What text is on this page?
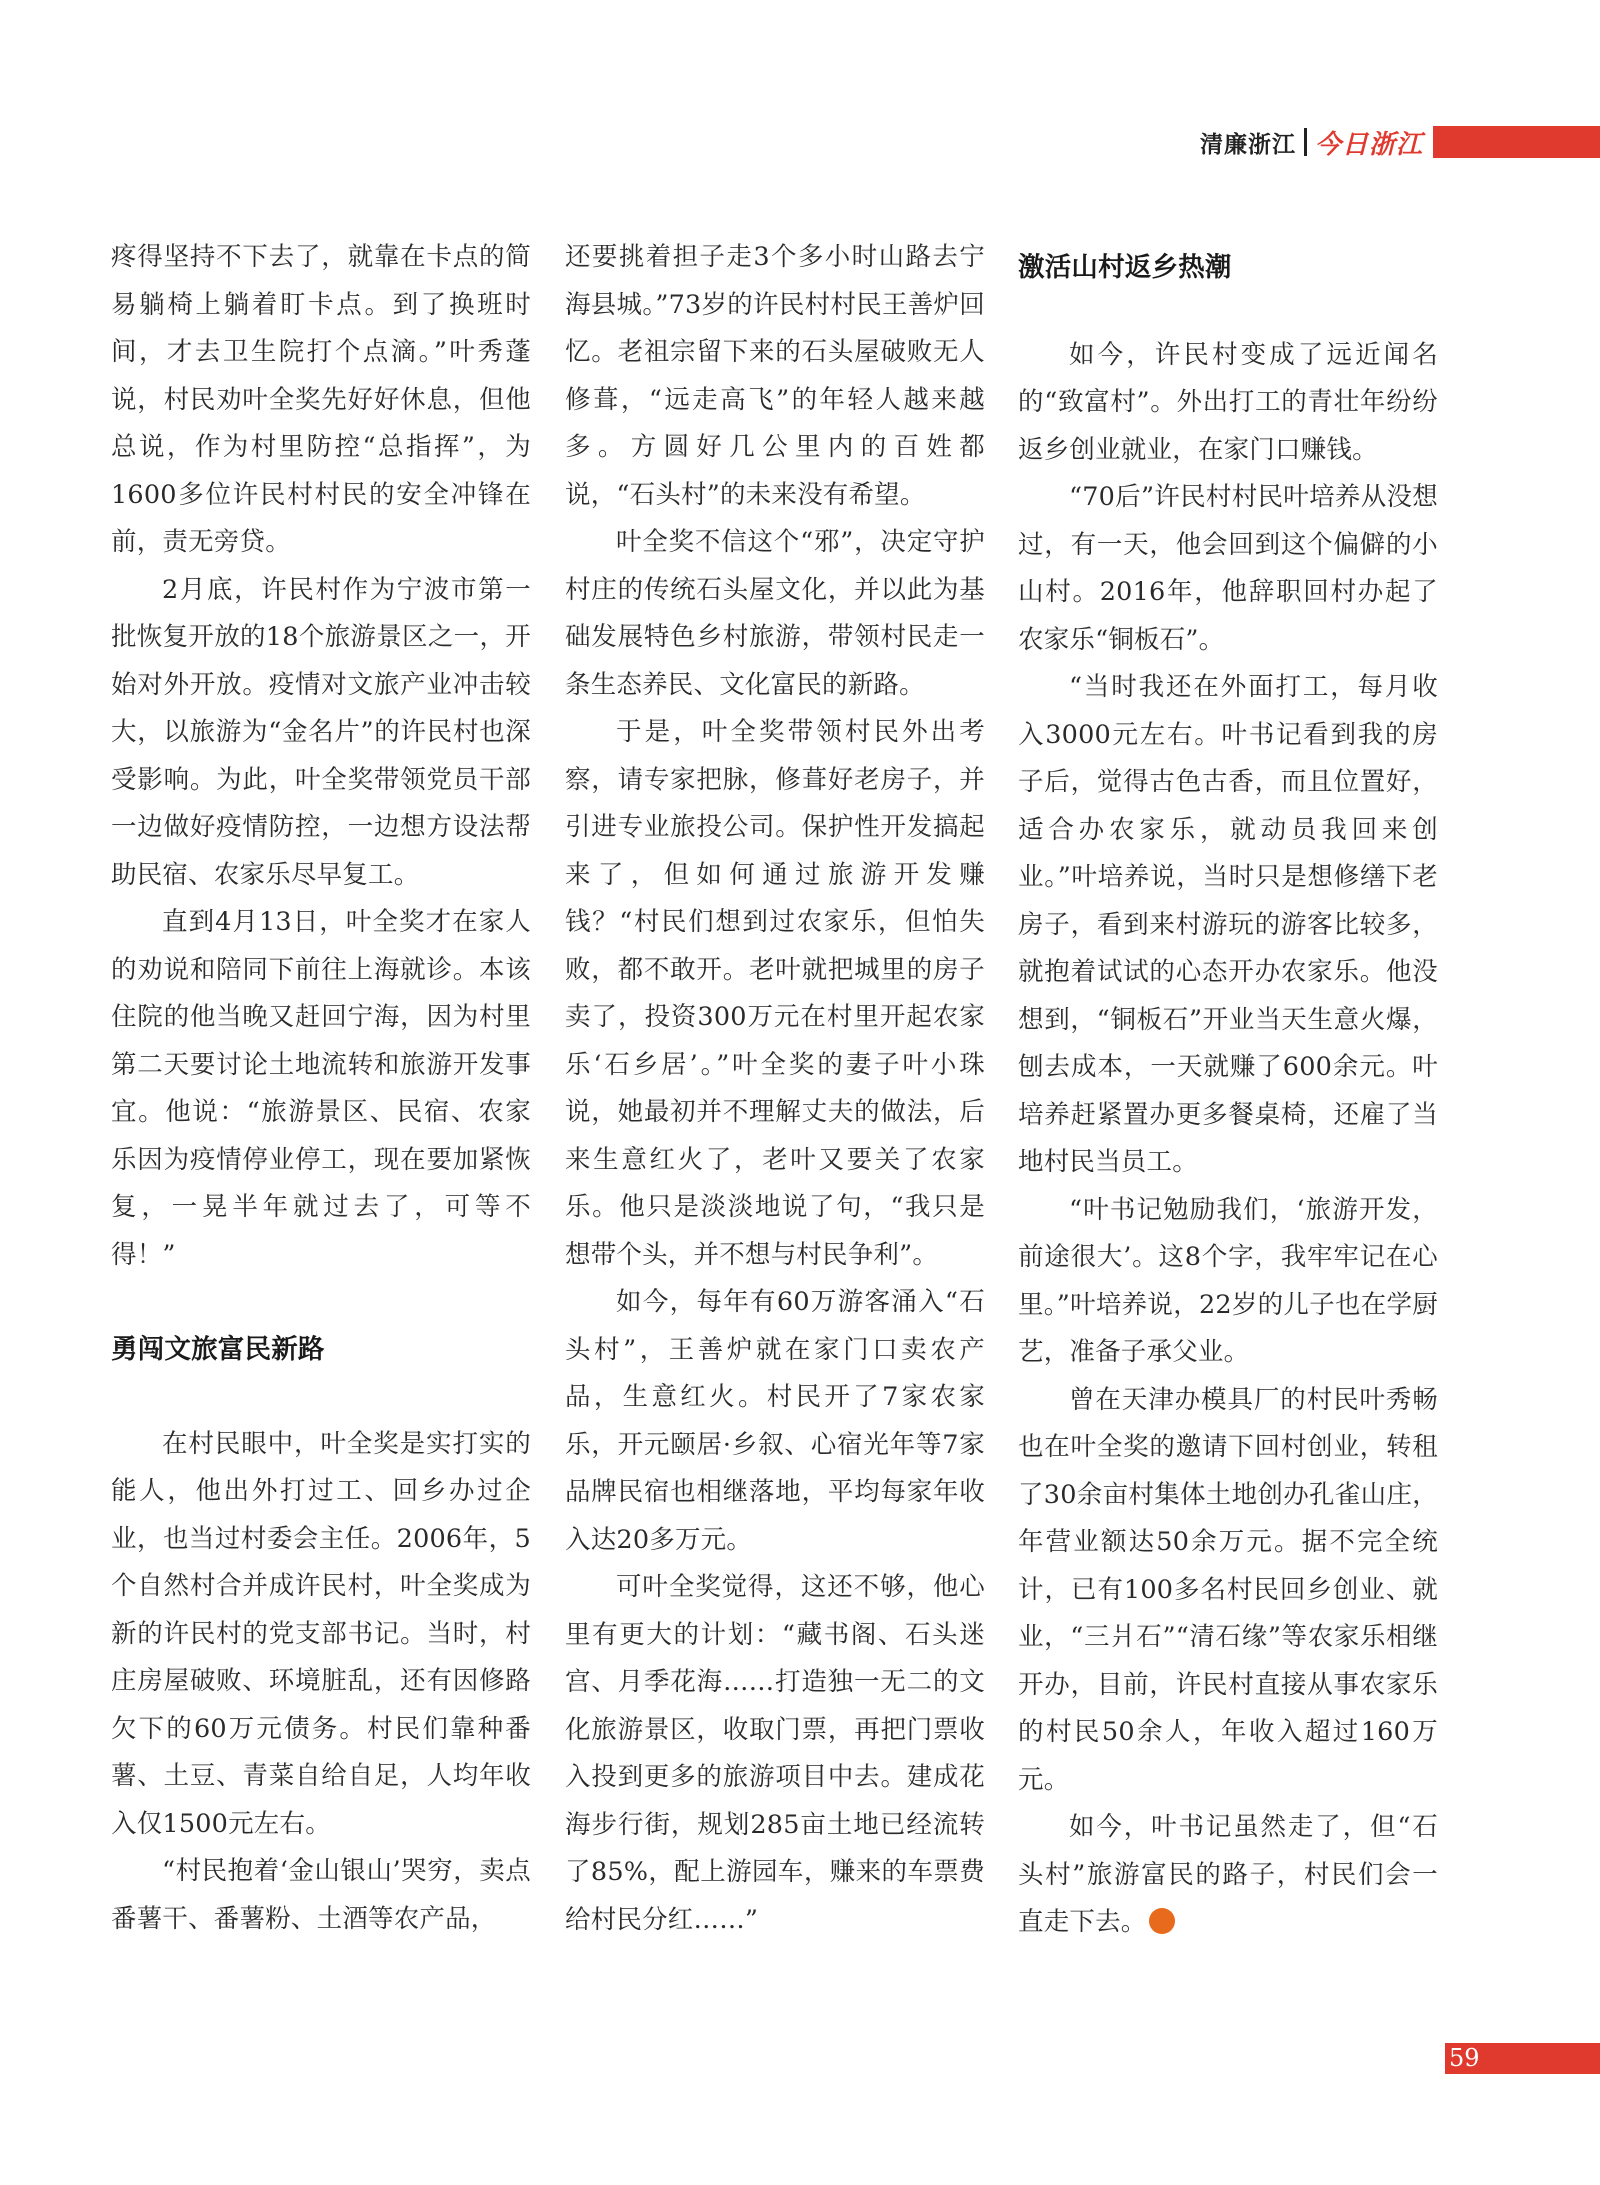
清廉浙江 今日浙江

疼得坚持不下去了，就靠在卡点的简易躺椅上躺着盯卡点。到了换班时间，才去卫生院打个点滴。”叶秀蓬说，村民劝叶全奖先好好休息，但他总说，作为村里防控“总指挥”，为1600多位许民村村民的安全冲锋在前，责无旁贷。

2月底，许民村作为宁波市第一批恢复开放的18个旅游景区之一，开始对外开放。疫情对文旅产业冲击较大，以旅游为“金名片”的许民村也深受影响。为此，叶全奖带领党员干部一边做好疫情防控，一边想方设法帮助民宿、农家乐尽早复工。

直到4月13日，叶全奖才在家人的劝说和陪同下前往上海就诊。本该住院的他当晚又赶回宁海，因为村里第二天要讨论土地流转和旅游开发事宜。他说：“旅游景区、民宿、农家乐因为疫情停业停工，现在要加紧恢复，一晃半年就过去了，可等不得！”

勇闯文旅富民新路

在村民眼中，叶全奖是实打实的能人，他出外打过工、回乡办过企业，也当过村委会主任。2006年，5个自然村合并成许民村，叶全奖成为新的许民村的党支部书记。当时，村庄房屋破败、环境脏乱，还有因修路欠下的60万元债务。村民们靠种番薯、土豆、青菜自给自足，人均年收入仅1500元左右。

“村民抱着‘金山银山’哭穷，卖点番薯干、番薯粉、土酒等农产品，

还要挑着担子走3个多小时山路去宁海县城。”73岁的许民村村民王善炉回忆。老祖宗留下来的石头屋破败无人修葺，“远走高飞”的年轻人越来越多。方圆好几公里内的百姓都说，“石头村”的未来没有希望。

叶全奖不信这个“邪”，决定守护村庄的传统石头屋文化，并以此为基础发展特色乡村旅游，带领村民走一条生态养民、文化富民的新路。

于是，叶全奖带领村民外出考察，请专家把脉，修葺好老房子，并引进专业旅投公司。保护性开发搞起来了，但如何通过旅游开发赚钱？“村民们想到过农家乐，但怕失败，都不敢开。老叶就把城里的房子卖了，投资300万元在村里开起农家乐‘石乡居’。”叶全奖的妻子叶小珠说，她最初并不理解丈夫的做法，后来生意红火了，老叶又要关了农家乐。他只是淡淡地说了句，“我只是想带个头，并不想与村民争利”。

如今，每年有60万游客涌入“石头村”，王善炉就在家门口卖农产品，生意红火。村民开了7家农家乐，开元颐居·乡叙、心宿光年等7家品牌民宿也相继落地，平均每家年收入达20多万元。

可叶全奖觉得，这还不够，他心里有更大的计划：“藏书阁、石头迷宫、月季花海……打造独一无二的文化旅游景区，收取门票，再把门票收入投到更多的旅游项目中去。建成花海步行街，规划285亩土地已经流转了85%，配上游园车，赚来的车票费给村民分红……”

激活山村返乡热潮

如今，许民村变成了远近闻名的“致富村”。外出打工的青壮年纷纷返乡创业就业，在家门口赚钱。

“70后”许民村村民叶培养从没想过，有一天，他会回到这个偏僻的小山村。2016年，他辞职回村办起了农家乐“铜板石”。

“当时我还在外面打工，每月收入3000元左右。叶书记看到我的房子后，觉得古色古香，而且位置好，适合办农家乐，就动员我回来创业。”叶培养说，当时只是想修缮下老房子，看到来村游玩的游客比较多，就抱着试试的心态开办农家乐。他没想到，“铜板石”开业当天生意火爆，刨去成本，一天就赚了600余元。叶培养赶紧置办更多餐桌椅，还雇了当地村民当员工。

“叶书记勉励我们，‘旅游开发，前途很大’。这8个字，我牢牢记在心里。”叶培养说，22岁的儿子也在学厨艺，准备子承父业。

曾在天津办模具厂的村民叶秀畅也在叶全奖的邀请下回村创业，转租了30余亩村集体土地创办孔雀山庄，年营业额达50余万元。据不完全统计，已有100多名村民回乡创业、就业，“三爿石”“清石缘”等农家乐相继开办，目前，许民村直接从事农家乐的村民50余人，年收入超过160万元。

如今，叶书记虽然走了，但“石头村”旅游富民的路子，村民们会一直走下去。

59
